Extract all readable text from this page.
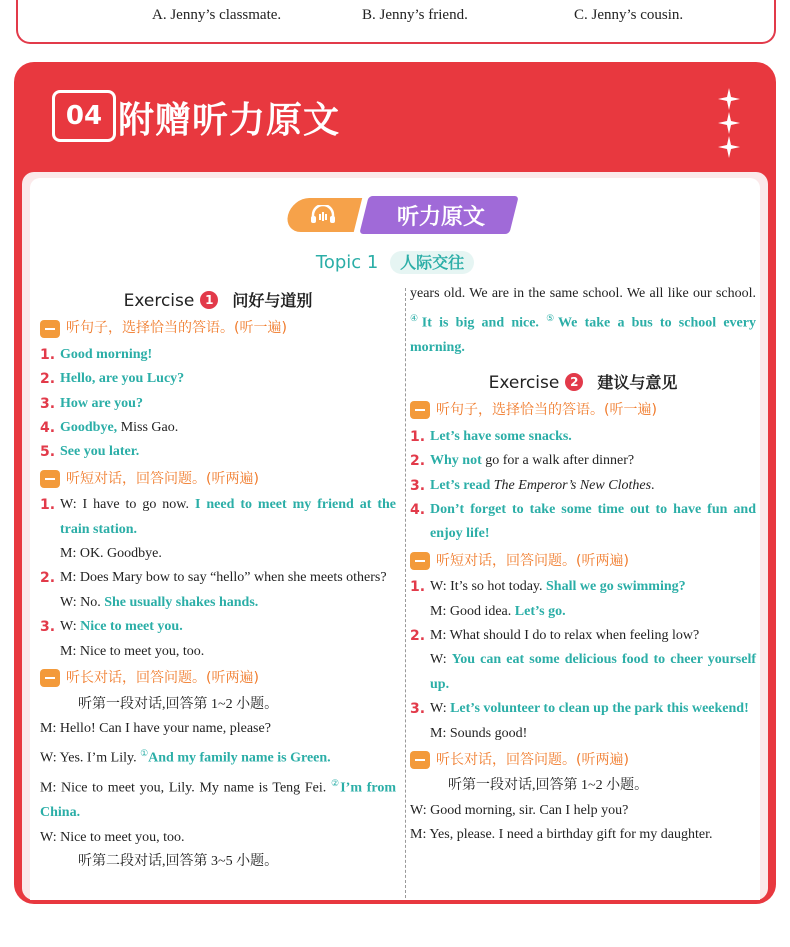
A. Jenny’s classmate.	B. Jenny’s friend.	C. Jenny’s cousin.
04 附赠听力原文
听力原文
Topic 1 人际交往
Exercise 1 问好与道别
听句子，选择恰当的答语。(听一遍)
1. Good morning!
2. Hello, are you Lucy?
3. How are you?
4. Goodbye, Miss Gao.
5. See you later.
听短对话，回答问题。(听两遍)
1. W: I have to go now. I need to meet my friend at the train station.
M: OK. Goodbye.
2. M: Does Mary bow to say “hello” when she meets others?
W: No. She usually shakes hands.
3. W: Nice to meet you.
M: Nice to meet you, too.
听长对话，回答问题。(听两遍)
听第一段对话,回答第 1~2 小题。
M: Hello! Can I have your name, please?
W: Yes. I’m Lily. ①And my family name is Green.
M: Nice to meet you, Lily. My name is Teng Fei. ②I’m from China.
W: Nice to meet you, too.
听第二段对话,回答第 3~5 小题。
years old. We are in the same school. We all like our school. ④It is big and nice. ⑤We take a bus to school every morning.
Exercise 2 建议与意见
听句子，选择恰当的答语。(听一遍)
1. Let’s have some snacks.
2. Why not go for a walk after dinner?
3. Let’s read The Emperor’s New Clothes.
4. Don’t forget to take some time out to have fun and enjoy life!
听短对话，回答问题。(听两遍)
1. W: It’s so hot today. Shall we go swimming?
M: Good idea. Let’s go.
2. M: What should I do to relax when feeling low?
W: You can eat some delicious food to cheer yourself up.
3. W: Let’s volunteer to clean up the park this weekend!
M: Sounds good!
听长对话，回答问题。(听两遍)
听第一段对话,回答第 1~2 小题。
W: Good morning, sir. Can I help you?
M: Yes, please. I need a birthday gift for my daughter.
